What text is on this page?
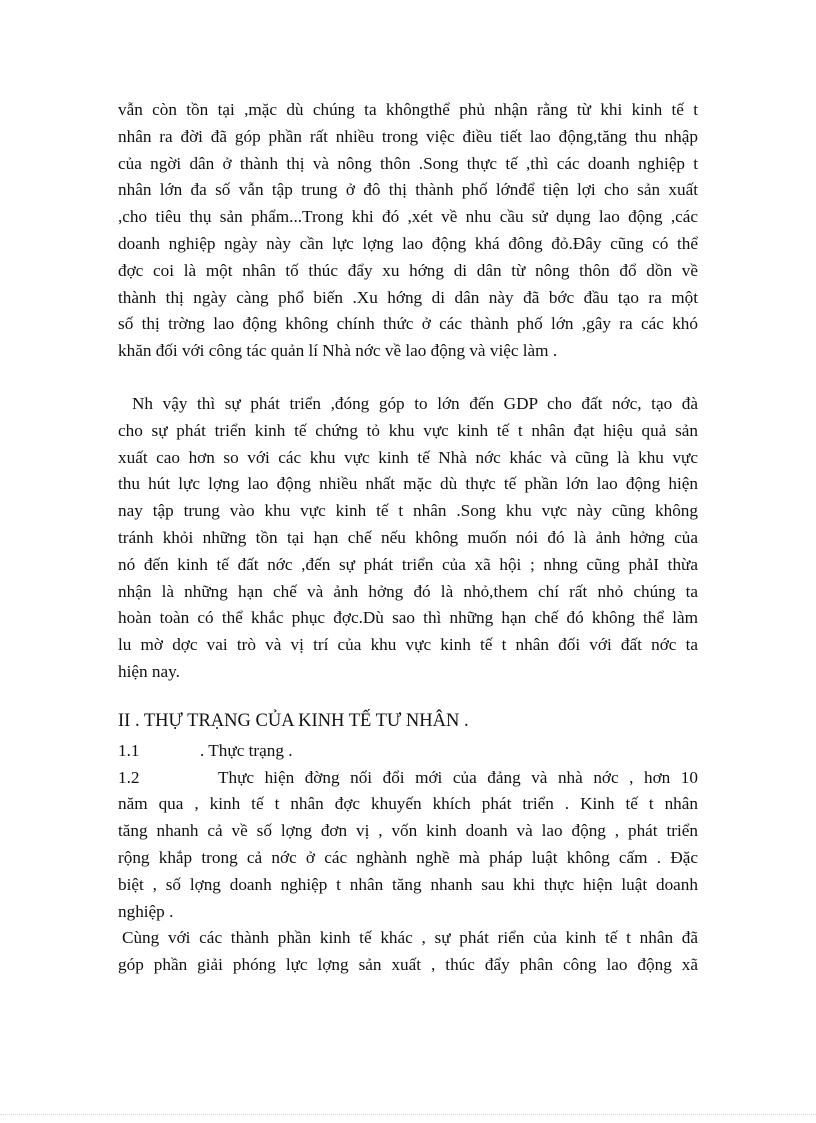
vẫn còn tồn tại ,mặc dù chúng ta khôngthể phủ nhận rằng từ khi kinh tế t
nhân ra đời đã góp phần rất nhiều trong việc điều tiết lao động,tăng thu nhập
của ngời dân ở thành thị và nông thôn .Song thực tế ,thì các doanh nghiệp t
nhân lớn đa số vẫn tập trung ở đô thị thành phố lớnđể tiện lợi cho sản xuất
,cho tiêu thụ sản phẩm...Trong khi đó ,xét về nhu cầu sử dụng lao động ,các
doanh nghiệp ngày này cần lực lợng lao động khá đông đỏ.Đây cũng có thể
đợc coi là một nhân tố thúc đẩy xu hớng di dân từ nông thôn đổ dồn về
thành thị ngày càng phổ biến .Xu hớng di dân này đã bớc đầu tạo ra một
số thị trờng lao động không chính thức ở các thành phố lớn ,gây ra các khó
khăn đối với công tác quản lí Nhà nớc về lao động và việc làm .
Nh vậy thì sự phát triển ,đóng góp to lớn đến GDP cho đất nớc, tạo đà
cho sự phát triển kinh tế chứng tỏ khu vực kinh tế t nhân đạt hiệu quả sản
xuất cao hơn so với các khu vực kinh tế Nhà nớc khác và cũng là khu vực
thu hút lực lợng lao động nhiều nhất mặc dù thực tế phần lớn lao động hiện
nay tập trung vào khu vực kinh tế t nhân .Song khu vực này cũng không
tránh khỏi những tồn tại hạn chế nếu không muốn nói đó là ảnh hởng của
nó đến kinh tế đất nớc ,đến sự phát triển của xã hội ; nhng cũng phảI thừa
nhận là những hạn chế và ảnh hởng đó là nhỏ,them chí rất nhỏ chúng ta
hoàn toàn có thể khắc phục đợc.Dù sao thì những hạn chế đó không thể làm
lu mờ dợc vai trò và vị trí của khu vực kinh tế t nhân đối với đất nớc ta
hiện nay.
II . THỰ TRẠNG CỦA KINH TẾ TƯ NHÂN .
1.1	. Thực trạng .
1.2	Thực hiện đờng nối đổi mới của đảng và nhà nớc , hơn 10
năm qua , kinh tế t nhân đợc khuyến khích phát triển . Kinh tế t nhân
tăng nhanh cả về số lợng đơn vị , vốn kinh doanh và lao động , phát triển
rộng khắp trong cả nớc ở các nghành nghề mà pháp luật không cấm . Đặc
biệt , số lợng doanh nghiệp t nhân tăng nhanh sau khi thực hiện luật doanh
nghiệp .
Cùng với các thành phần kinh tế khác , sự phát riển của kinh tế t nhân đã
góp phần giải phóng lực lợng sản xuất , thúc đẩy phân công lao động xã
